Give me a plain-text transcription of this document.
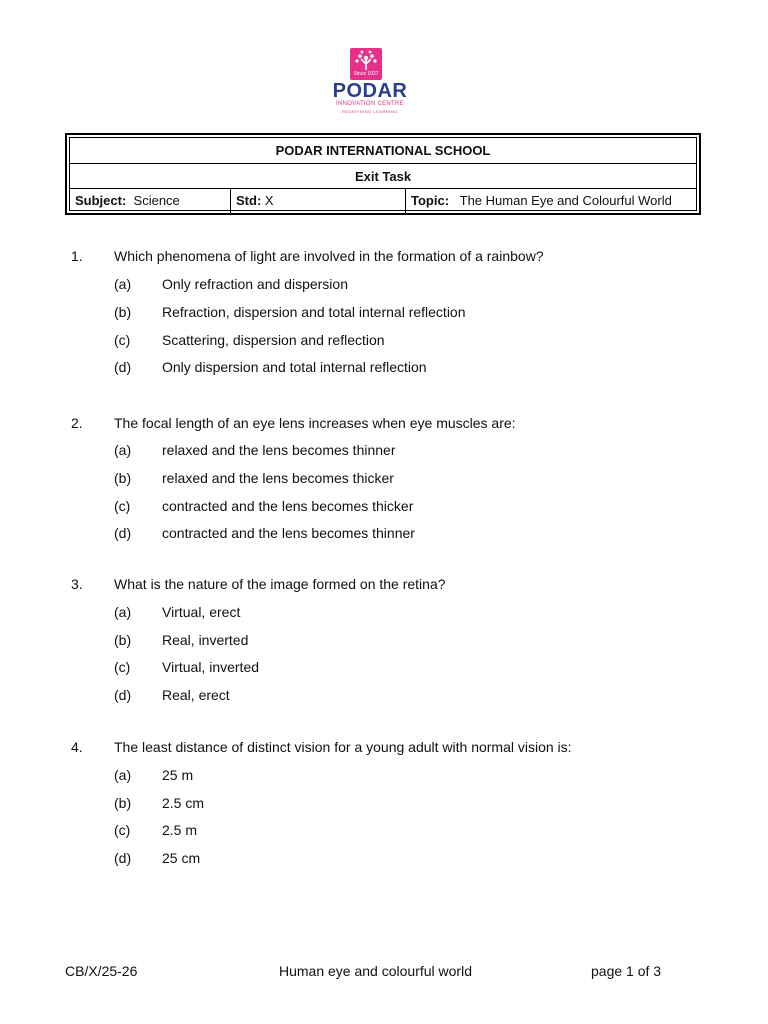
Since 1927
PODAR
INNOVATION CENTRE
REDEFINING LEARNING
PODAR INTERNATIONAL SCHOOL
Exit Task
Subject: Science	Std: X	Topic: The Human Eye and Colourful World
1. Which phenomena of light are involved in the formation of a rainbow?
(a) Only refraction and dispersion
(b) Refraction, dispersion and total internal reflection
(c) Scattering, dispersion and reflection
(d) Only dispersion and total internal reflection
2. The focal length of an eye lens increases when eye muscles are:
(a) relaxed and the lens becomes thinner
(b) relaxed and the lens becomes thicker
(c) contracted and the lens becomes thicker
(d) contracted and the lens becomes thinner
3. What is the nature of the image formed on the retina?
(a) Virtual, erect
(b) Real, inverted
(c) Virtual, inverted
(d) Real, erect
4. The least distance of distinct vision for a young adult with normal vision is:
(a) 25 m
(b) 2.5 cm
(c) 2.5 m
(d) 25 cm
CB/X/25-26	Human eye and colourful world	page 1 of 3
